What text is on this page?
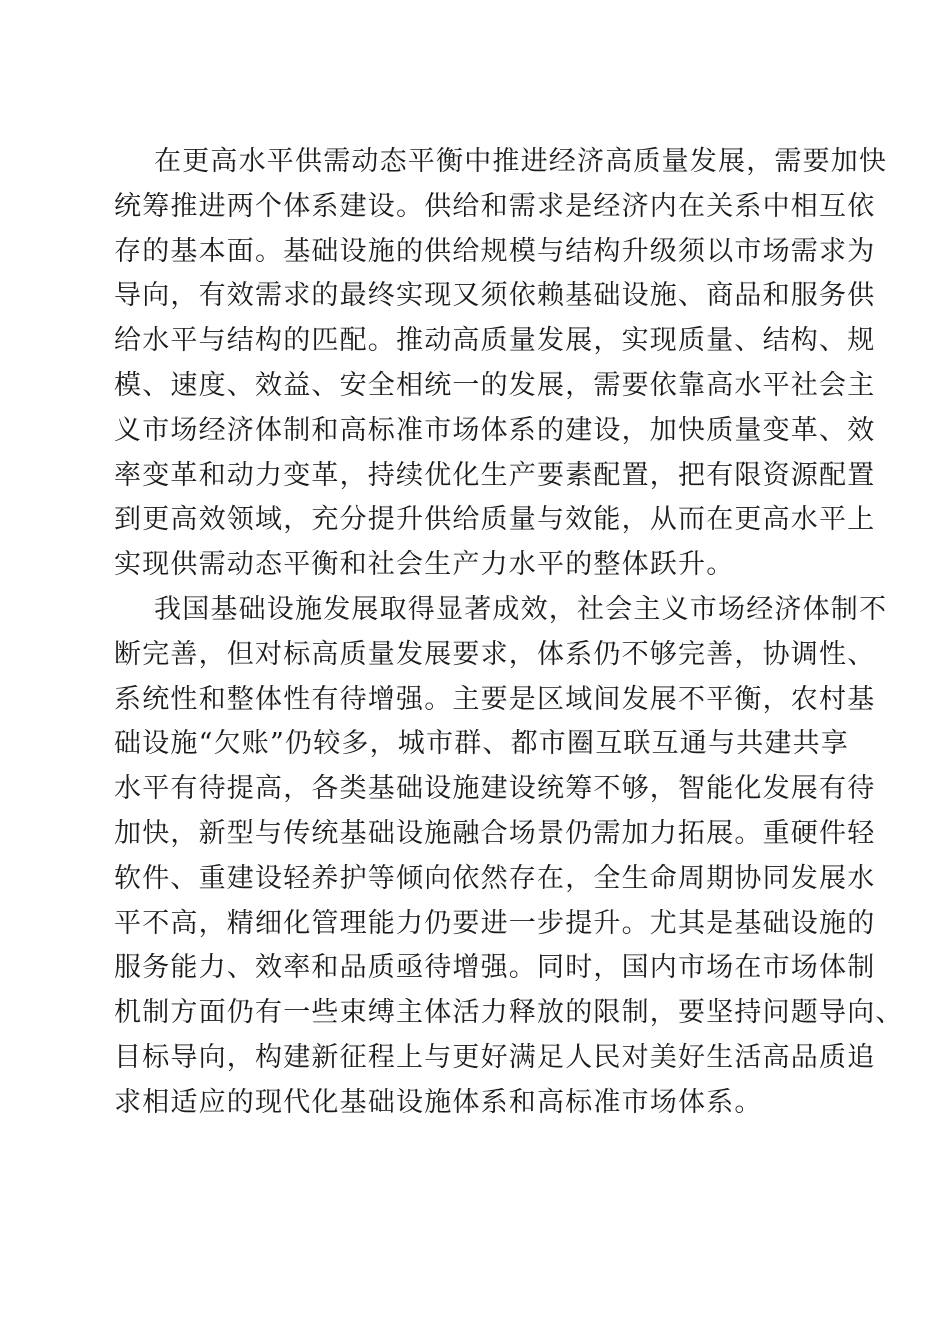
在更高水平供需动态平衡中推进经济高质量发展，需要加快
统筹推进两个体系建设。供给和需求是经济内在关系中相互依
存的基本面。基础设施的供给规模与结构升级须以市场需求为
导向，有效需求的最终实现又须依赖基础设施、商品和服务供
给水平与结构的匹配。推动高质量发展，实现质量、结构、规
模、速度、效益、安全相统一的发展，需要依靠高水平社会主
义市场经济体制和高标准市场体系的建设，加快质量变革、效
率变革和动力变革，持续优化生产要素配置，把有限资源配置
到更高效领域，充分提升供给质量与效能，从而在更高水平上
实现供需动态平衡和社会生产力水平的整体跃升。
我国基础设施发展取得显著成效，社会主义市场经济体制不
断完善，但对标高质量发展要求，体系仍不够完善，协调性、
系统性和整体性有待增强。主要是区域间发展不平衡，农村基
础设施“欠账”仍较多，城市群、都市圈互联互通与共建共享
水平有待提高，各类基础设施建设统筹不够，智能化发展有待
加快，新型与传统基础设施融合场景仍需加力拓展。重硬件轻
软件、重建设轻养护等倾向依然存在，全生命周期协同发展水
平不高，精细化管理能力仍要进一步提升。尤其是基础设施的
服务能力、效率和品质亟待增强。同时，国内市场在市场体制
机制方面仍有一些束缚主体活力释放的限制，要坚持问题导向、
目标导向，构建新征程上与更好满足人民对美好生活高品质追
求相适应的现代化基础设施体系和高标准市场体系。
